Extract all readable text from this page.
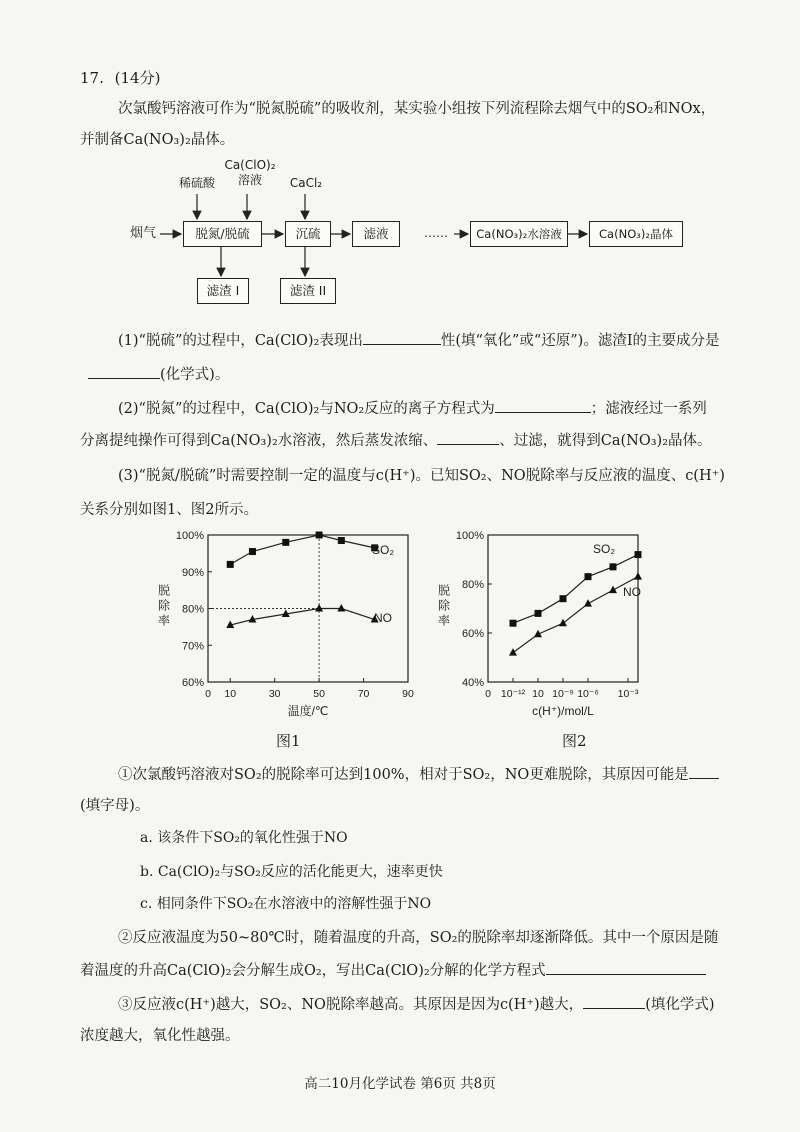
17. (14分)
次氯酸钙溶液可作为“脱氮脱硫”的吸收剂，某实验小组按下列流程除去烟气中的SO₂和NOx，
并制备Ca(NO₃)₂晶体。
稀硫酸
Ca(ClO)₂
溶液	CaCl₂
烟气	脱氮/脱硫	沉硫	滤液	……	Ca(NO₃)₂水溶液	Ca(NO₃)₂晶体
滤渣 I	滤渣 II
(1)“脱硫”的过程中，Ca(ClO)₂表现出	性(填“氧化”或“还原”)。滤渣I的主要成分是
(化学式)。
(2)“脱氮”的过程中，Ca(ClO)₂与NO₂反应的离子方程式为	；滤液经过一系列
分离提纯操作可得到Ca(NO₃)₂水溶液，然后蒸发浓缩、	、过滤，就得到Ca(NO₃)₂晶体。
(3)“脱氮/脱硫”时需要控制一定的温度与c(H⁺)。已知SO₂、NO脱除率与反应液的温度、c(H⁺)
关系分别如图1、图2所示。
60%
70%
80%
90%
100%
0 10	30	50	70	90
温度/℃
脱
除
率
SO₂
NO
40%
60%
80%
100%
0 10⁻¹² 10 10⁻⁹ 10⁻⁶ 10⁻³
c(H⁺)/mol/L
脱
除
率
SO₂
NO
图1	图2
①次氯酸钙溶液对SO₂的脱除率可达到100%，相对于SO₂，NO更难脱除，其原因可能是
(填字母)。
a. 该条件下SO₂的氧化性强于NO
b. Ca(ClO)₂与SO₂反应的活化能更大，速率更快
c. 相同条件下SO₂在水溶液中的溶解性强于NO
②反应液温度为50~80℃时，随着温度的升高，SO₂的脱除率却逐渐降低。其中一个原因是随
着温度的升高Ca(ClO)₂会分解生成O₂，写出Ca(ClO)₂分解的化学方程式
③反应液c(H⁺)越大，SO₂、NO脱除率越高。其原因是因为c(H⁺)越大，	(填化学式)
浓度越大，氧化性越强。
高二10月化学试卷 第6页 共8页
